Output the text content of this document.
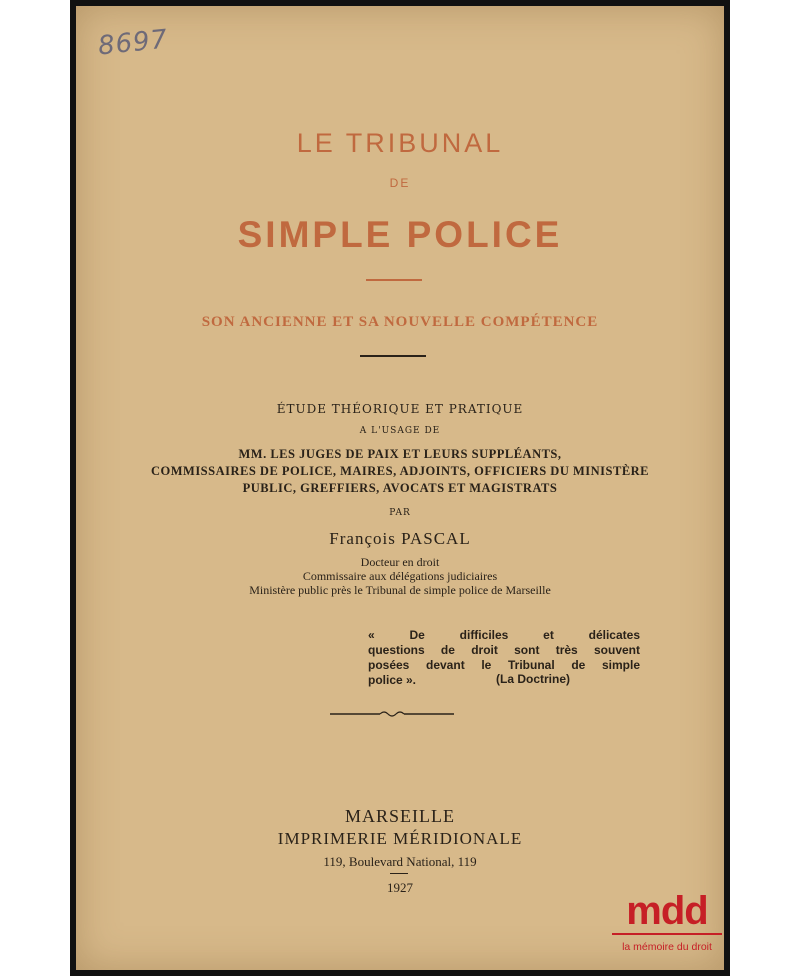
8697
LE TRIBUNAL
DE
SIMPLE POLICE
SON ANCIENNE ET SA NOUVELLE COMPÉTENCE
ÉTUDE THÉORIQUE ET PRATIQUE
A L'USAGE DE
MM. LES JUGES DE PAIX ET LEURS SUPPLÉANTS,
COMMISSAIRES DE POLICE, MAIRES, ADJOINTS, OFFICIERS DU MINISTÈRE
PUBLIC, GREFFIERS, AVOCATS ET MAGISTRATS
PAR
François PASCAL
Docteur en droit
Commissaire aux délégations judiciaires
Ministère public près le Tribunal de simple police de Marseille
« De difficiles et délicates
questions de droit sont très souvent
posées devant le Tribunal de simple
police ».	(La Doctrine)
MARSEILLE
IMPRIMERIE MÉRIDIONALE
119, Boulevard National, 119
1927
mdd
la mémoire du droit
